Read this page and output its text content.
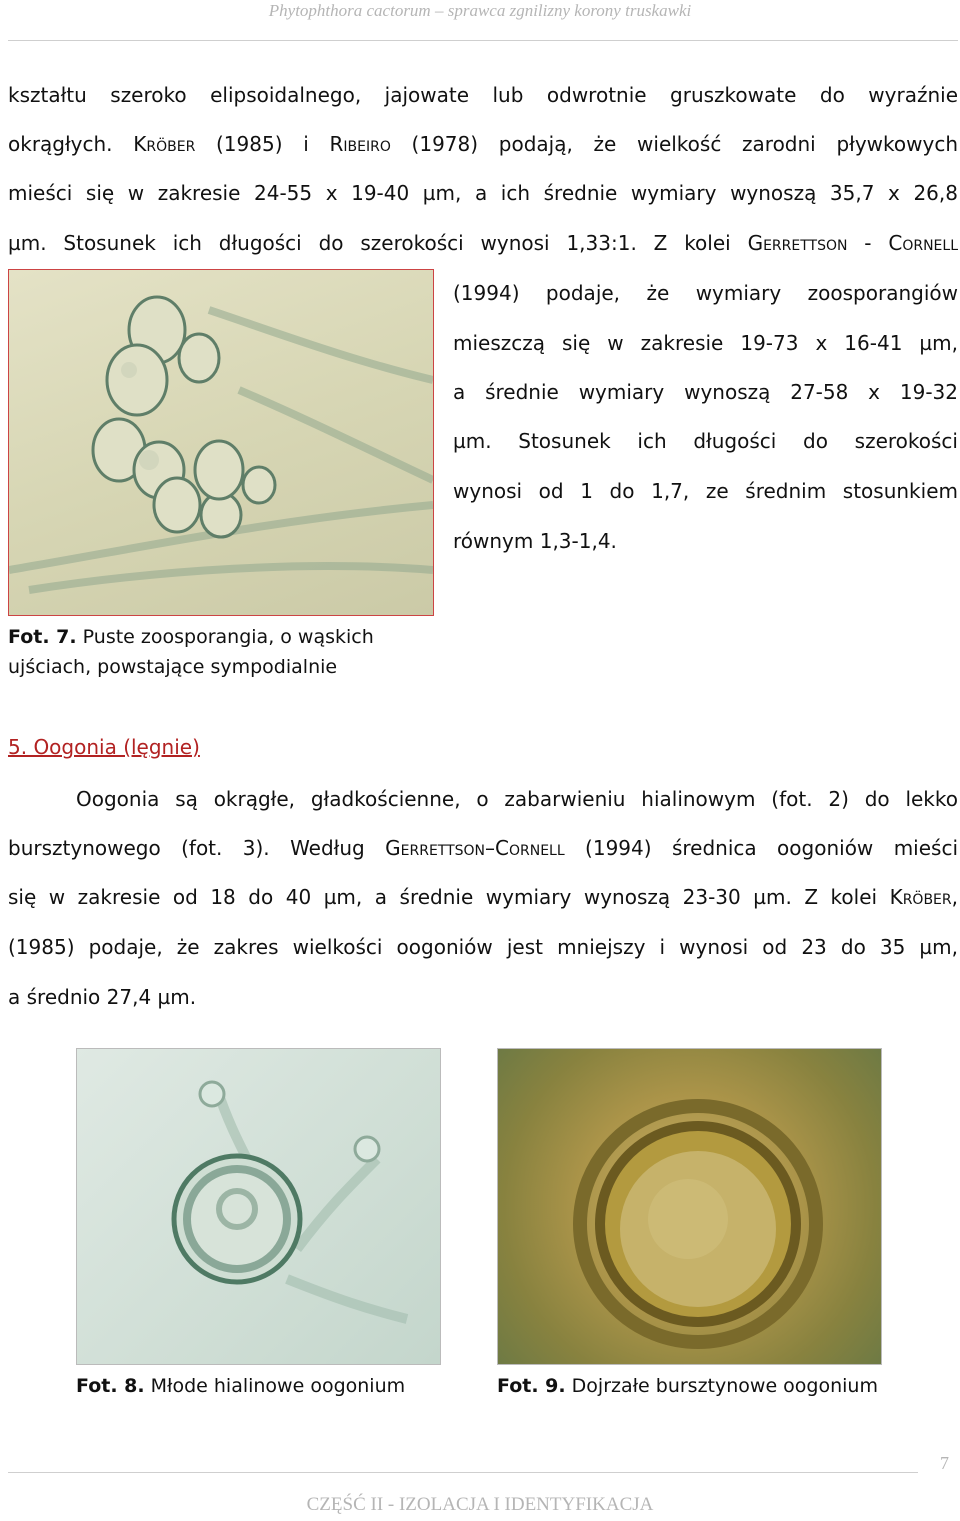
Phytophthora cactorum – sprawca zgnilizny korony truskawki
kształtu szeroko elipsoidalnego, jajowate lub odwrotnie gruszkowate do wyraźnie
okrągłych. Kröber (1985) i Ribeiro (1978) podają, że wielkość zarodni pływkowych
mieści się w zakresie 24-55 x 19-40 µm, a ich średnie wymiary wynoszą 35,7 x 26,8
µm. Stosunek ich długości do szerokości wynosi 1,33:1. Z kolei Gerrettson - Cornell
(1994) podaje, że wymiary zoosporangiów
mieszczą się w zakresie 19-73 x 16-41 µm,
a średnie wymiary wynoszą 27-58 x 19-32
µm. Stosunek ich długości do szerokości
wynosi od 1 do 1,7, ze średnim stosunkiem
równym 1,3-1,4.
Fot. 7. Puste zoosporangia, o wąskich
ujściach, powstające sympodialnie
5. Oogonia (lęgnie)
Oogonia są okrągłe, gładkościenne, o zabarwieniu hialinowym (fot. 2) do lekko
bursztynowego (fot. 3). Według Gerrettson–Cornell (1994) średnica oogoniów mieści
się w zakresie od 18 do 40 µm, a średnie wymiary wynoszą 23-30 µm. Z kolei Kröber,
(1985) podaje, że zakres wielkości oogoniów jest mniejszy i wynosi od 23 do 35 µm,
a średnio 27,4 µm.
Fot. 8. Młode hialinowe oogonium	Fot. 9. Dojrzałe bursztynowe oogonium
7
CZĘŚĆ II - IZOLACJA I IDENTYFIKACJA
